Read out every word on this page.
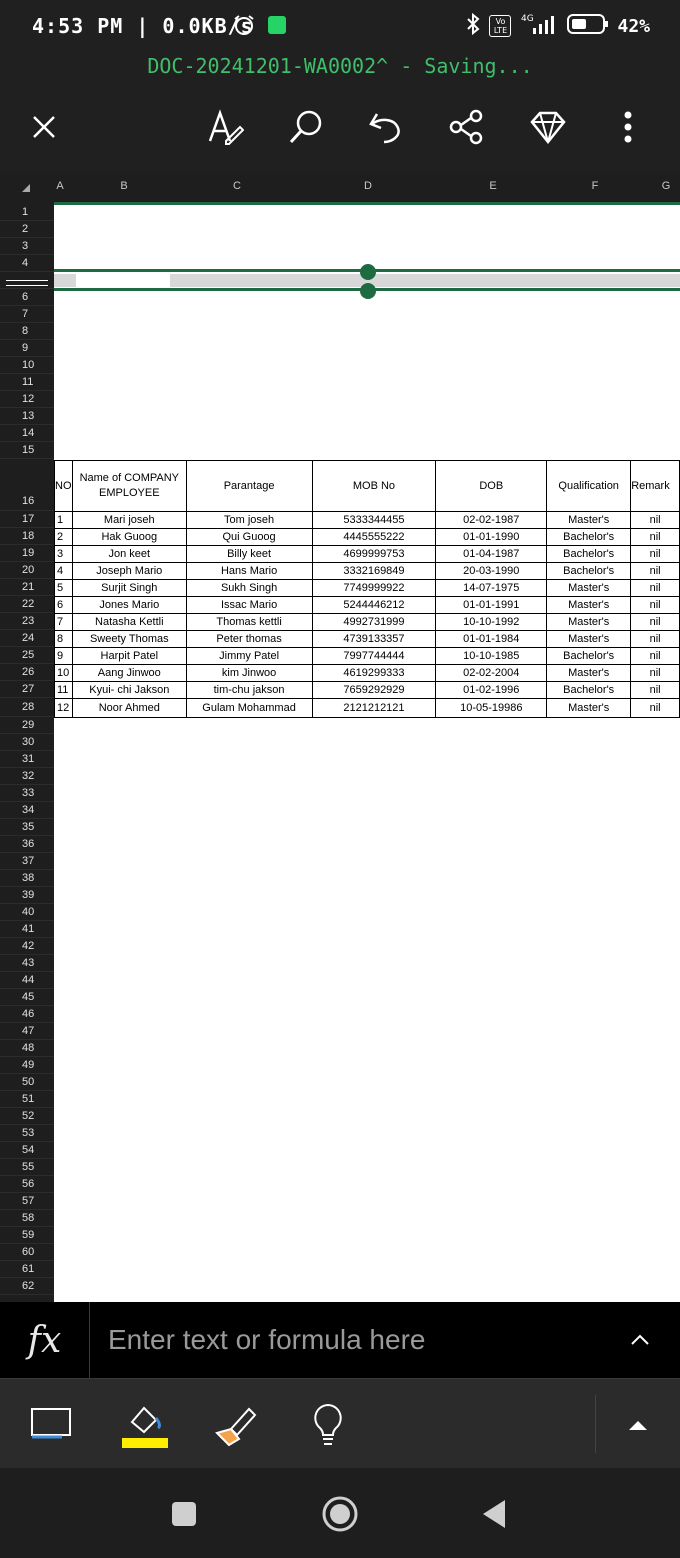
4:53 PM | 0.0KB/s	Vo
LTE
4G	42%
DOC-20241201-WA0002^ - Saving...
A	B	C	D	E	F	G
1
2
3
4
6
7
8
9
10
11
12
13
14
15
16
17
18
19
20
21
22
23
24
25
26
27
28
29
30
31
32
33
34
35
36
37
38
39
40
41
42
43
44
45
46
47
48
49
50
51
52
53
54
55
56
57
58
59
60
61
62
NO	Name of COMPANY EMPLOYEE	Parantage	MOB No	DOB	Qualification	Remark
1	Mari joseh	Tom joseh	5333344455	02-02-1987	Master's	nil
2	Hak Guoog	Qui Guoog	4445555222	01-01-1990	Bachelor's	nil
3	Jon keet	Billy keet	4699999753	01-04-1987	Bachelor's	nil
4	Joseph Mario	Hans Mario	3332169849	20-03-1990	Bachelor's	nil
5	Surjit Singh	Sukh Singh	7749999922	14-07-1975	Master's	nil
6	Jones Mario	Issac Mario	5244446212	01-01-1991	Master's	nil
7	Natasha Kettli	Thomas kettli	4992731999	10-10-1992	Master's	nil
8	Sweety Thomas	Peter thomas	4739133357	01-01-1984	Master's	nil
9	Harpit Patel	Jimmy Patel	7997744444	10-10-1985	Bachelor's	nil
10	Aang Jinwoo	kim Jinwoo	4619299333	02-02-2004	Master's	nil
11	Kyui- chi Jakson	tim-chu jakson	7659292929	01-02-1996	Bachelor's	nil
12	Noor Ahmed	Gulam Mohammad	2121212121	10-05-19986	Master's	nil
fx
Enter text or formula here
